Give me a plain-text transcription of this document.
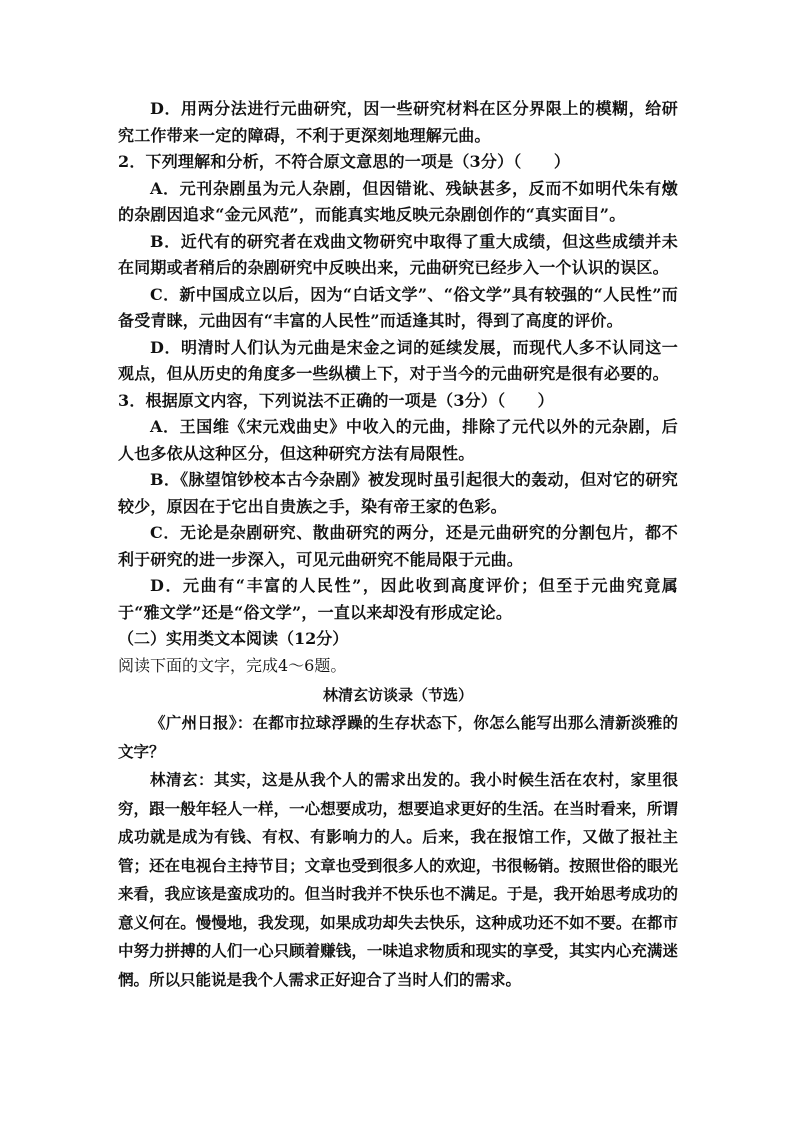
D．用两分法进行元曲研究，因一些研究材料在区分界限上的模糊，给研究工作带来一定的障碍，不利于更深刻地理解元曲。

2．下列理解和分析，不符合原文意思的一项是（3分）（　　）

A．元刊杂剧虽为元人杂剧，但因错讹、残缺甚多，反而不如明代朱有燉的杂剧因追求“金元风范”，而能真实地反映元杂剧创作的“真实面目”。

B．近代有的研究者在戏曲文物研究中取得了重大成绩，但这些成绩并未在同期或者稍后的杂剧研究中反映出来，元曲研究已经步入一个认识的误区。

C．新中国成立以后，因为“白话文学”、“俗文学”具有较强的“人民性”而备受青睐，元曲因有“丰富的人民性”而适逢其时，得到了高度的评价。

D．明清时人们认为元曲是宋金之词的延续发展，而现代人多不认同这一观点，但从历史的角度多一些纵横上下，对于当今的元曲研究是很有必要的。

3．根据原文内容，下列说法不正确的一项是（3分）（　　）

A．王国维《宋元戏曲史》中收入的元曲，排除了元代以外的元杂剧，后人也多依从这种区分，但这种研究方法有局限性。

B．《脉望馆钞校本古今杂剧》被发现时虽引起很大的轰动，但对它的研究较少，原因在于它出自贵族之手，染有帝王家的色彩。

C．无论是杂剧研究、散曲研究的两分，还是元曲研究的分割包片，都不利于研究的进一步深入，可见元曲研究不能局限于元曲。

D．元曲有“丰富的人民性”，因此收到高度评价；但至于元曲究竟属于“雅文学”还是“俗文学”，一直以来却没有形成定论。

（二）实用类文本阅读（12分）

阅读下面的文字，完成4～6题。

林清玄访谈录（节选）

《广州日报》：在都市拉球浮躁的生存状态下，你怎么能写出那么清新淡雅的文字？

林清玄：其实，这是从我个人的需求出发的。我小时候生活在农村，家里很穷，跟一般年轻人一样，一心想要成功，想要追求更好的生活。在当时看来，所谓成功就是成为有钱、有权、有影响力的人。后来，我在报馆工作，又做了报社主管；还在电视台主持节目；文章也受到很多人的欢迎，书很畅销。按照世俗的眼光来看，我应该是蛮成功的。但当时我并不快乐也不满足。于是，我开始思考成功的意义何在。慢慢地，我发现，如果成功却失去快乐，这种成功还不如不要。在都市中努力拼搏的人们一心只顾着赚钱，一味追求物质和现实的享受，其实内心充满迷惘。所以只能说是我个人需求正好迎合了当时人们的需求。
